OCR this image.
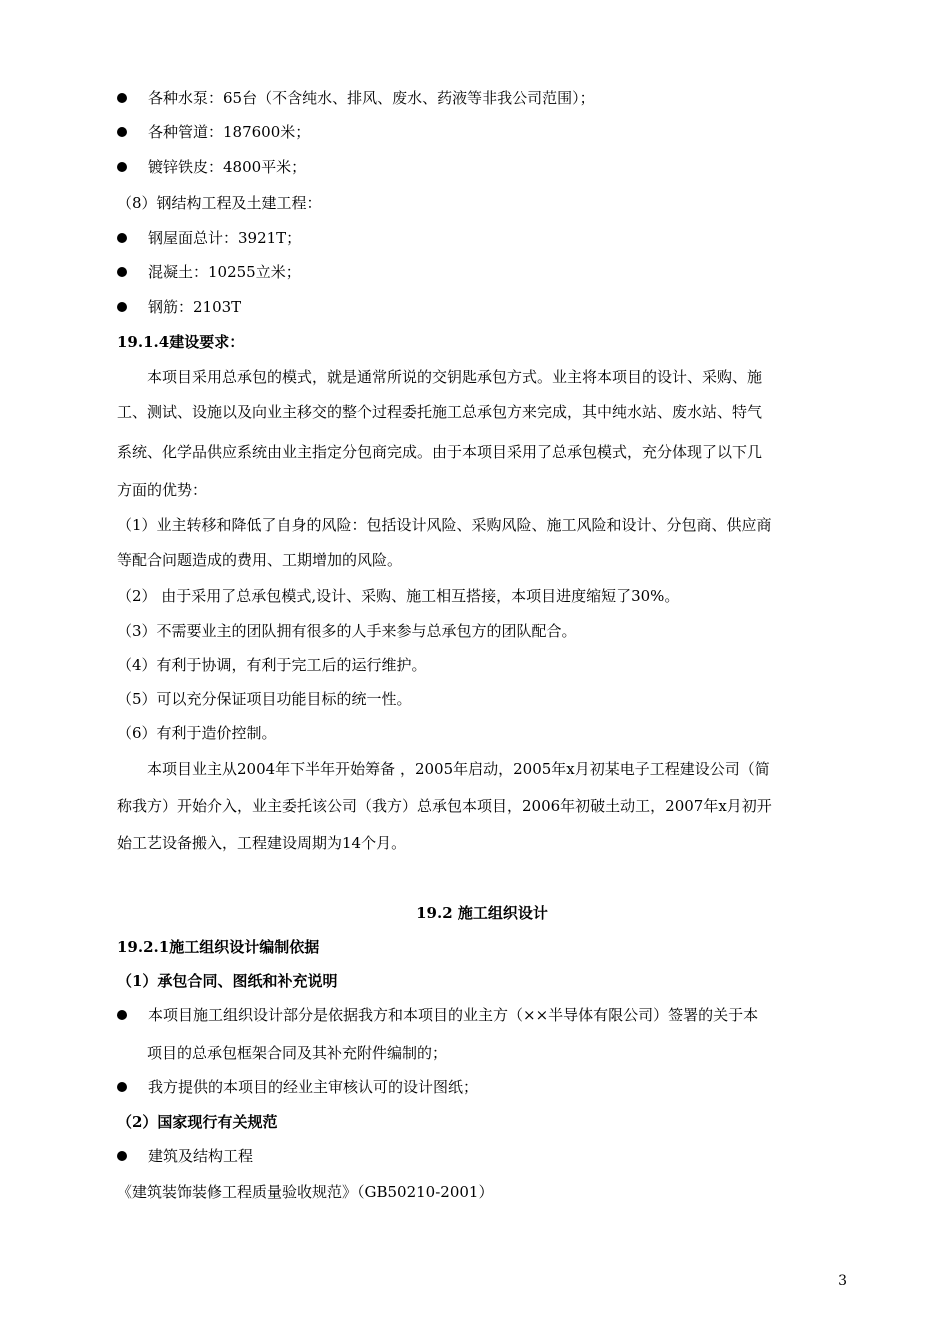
各种水泵：65台（不含纯水、排风、废水、药液等非我公司范围）；
各种管道：187600米；
镀锌铁皮：4800平米；
（8）钢结构工程及土建工程：
钢屋面总计：3921T；
混凝土：10255立米；
钢筋：2103T
19.1.4建设要求：
本项目采用总承包的模式，就是通常所说的交钥匙承包方式。业主将本项目的设计、采购、施
工、测试、设施以及向业主移交的整个过程委托施工总承包方来完成，其中纯水站、废水站、特气
系统、化学品供应系统由业主指定分包商完成。由于本项目采用了总承包模式，充分体现了以下几
方面的优势：
（1）业主转移和降低了自身的风险：包括设计风险、采购风险、施工风险和设计、分包商、供应商
等配合问题造成的费用、工期增加的风险。
（2） 由于采用了总承包模式,设计、采购、施工相互搭接，本项目进度缩短了30%。
（3）不需要业主的团队拥有很多的人手来参与总承包方的团队配合。
（4）有利于协调，有利于完工后的运行维护。
（5）可以充分保证项目功能目标的统一性。
（6）有利于造价控制。
本项目业主从2004年下半年开始筹备 ，2005年启动，2005年x月初某电子工程建设公司（简
称我方）开始介入，业主委托该公司（我方）总承包本项目，2006年初破土动工，2007年x月初开
始工艺设备搬入，工程建设周期为14个月。
19.2 施工组织设计
19.2.1施工组织设计编制依据
（1）承包合同、图纸和补充说明
本项目施工组织设计部分是依据我方和本项目的业主方（××半导体有限公司）签署的关于本
项目的总承包框架合同及其补充附件编制的；
我方提供的本项目的经业主审核认可的设计图纸；
（2）国家现行有关规范
建筑及结构工程
《建筑装饰装修工程质量验收规范》（GB50210-2001）
3
